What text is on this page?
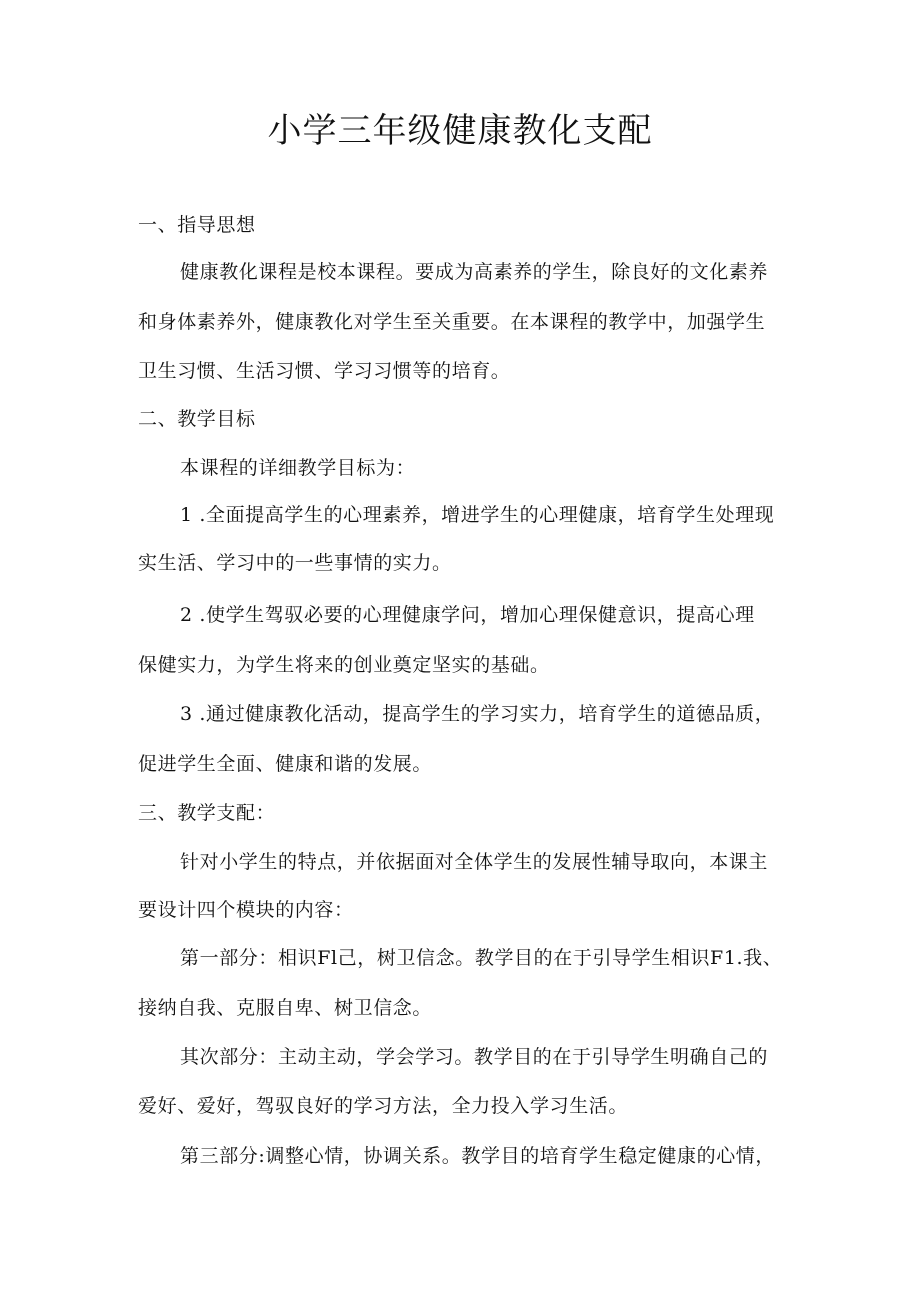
小学三年级健康教化支配
一、指导思想
健康教化课程是校本课程。要成为高素养的学生，除良好的文化素养
和身体素养外，健康教化对学生至关重要。在本课程的教学中，加强学生
卫生习惯、生活习惯、学习习惯等的培育。
二、教学目标
本课程的详细教学目标为：
1 .全面提高学生的心理素养，增进学生的心理健康，培育学生处理现
实生活、学习中的一些事情的实力。
2 .使学生驾驭必要的心理健康学问，增加心理保健意识，提高心理
保健实力，为学生将来的创业奠定坚实的基础。
3 .通过健康教化活动，提高学生的学习实力，培育学生的道德品质，
促进学生全面、健康和谐的发展。
三、教学支配：
针对小学生的特点，并依据面对全体学生的发展性辅导取向，本课主
要设计四个模块的内容：
第一部分：相识Fl己，树卫信念。教学目的在于引导学生相识F1.我、
接纳自我、克服自卑、树卫信念。
其次部分：主动主动，学会学习。教学目的在于引导学生明确自己的
爱好、爱好，驾驭良好的学习方法，全力投入学习生活。
第三部分:调整心情，协调关系。教学目的培育学生稳定健康的心情，
